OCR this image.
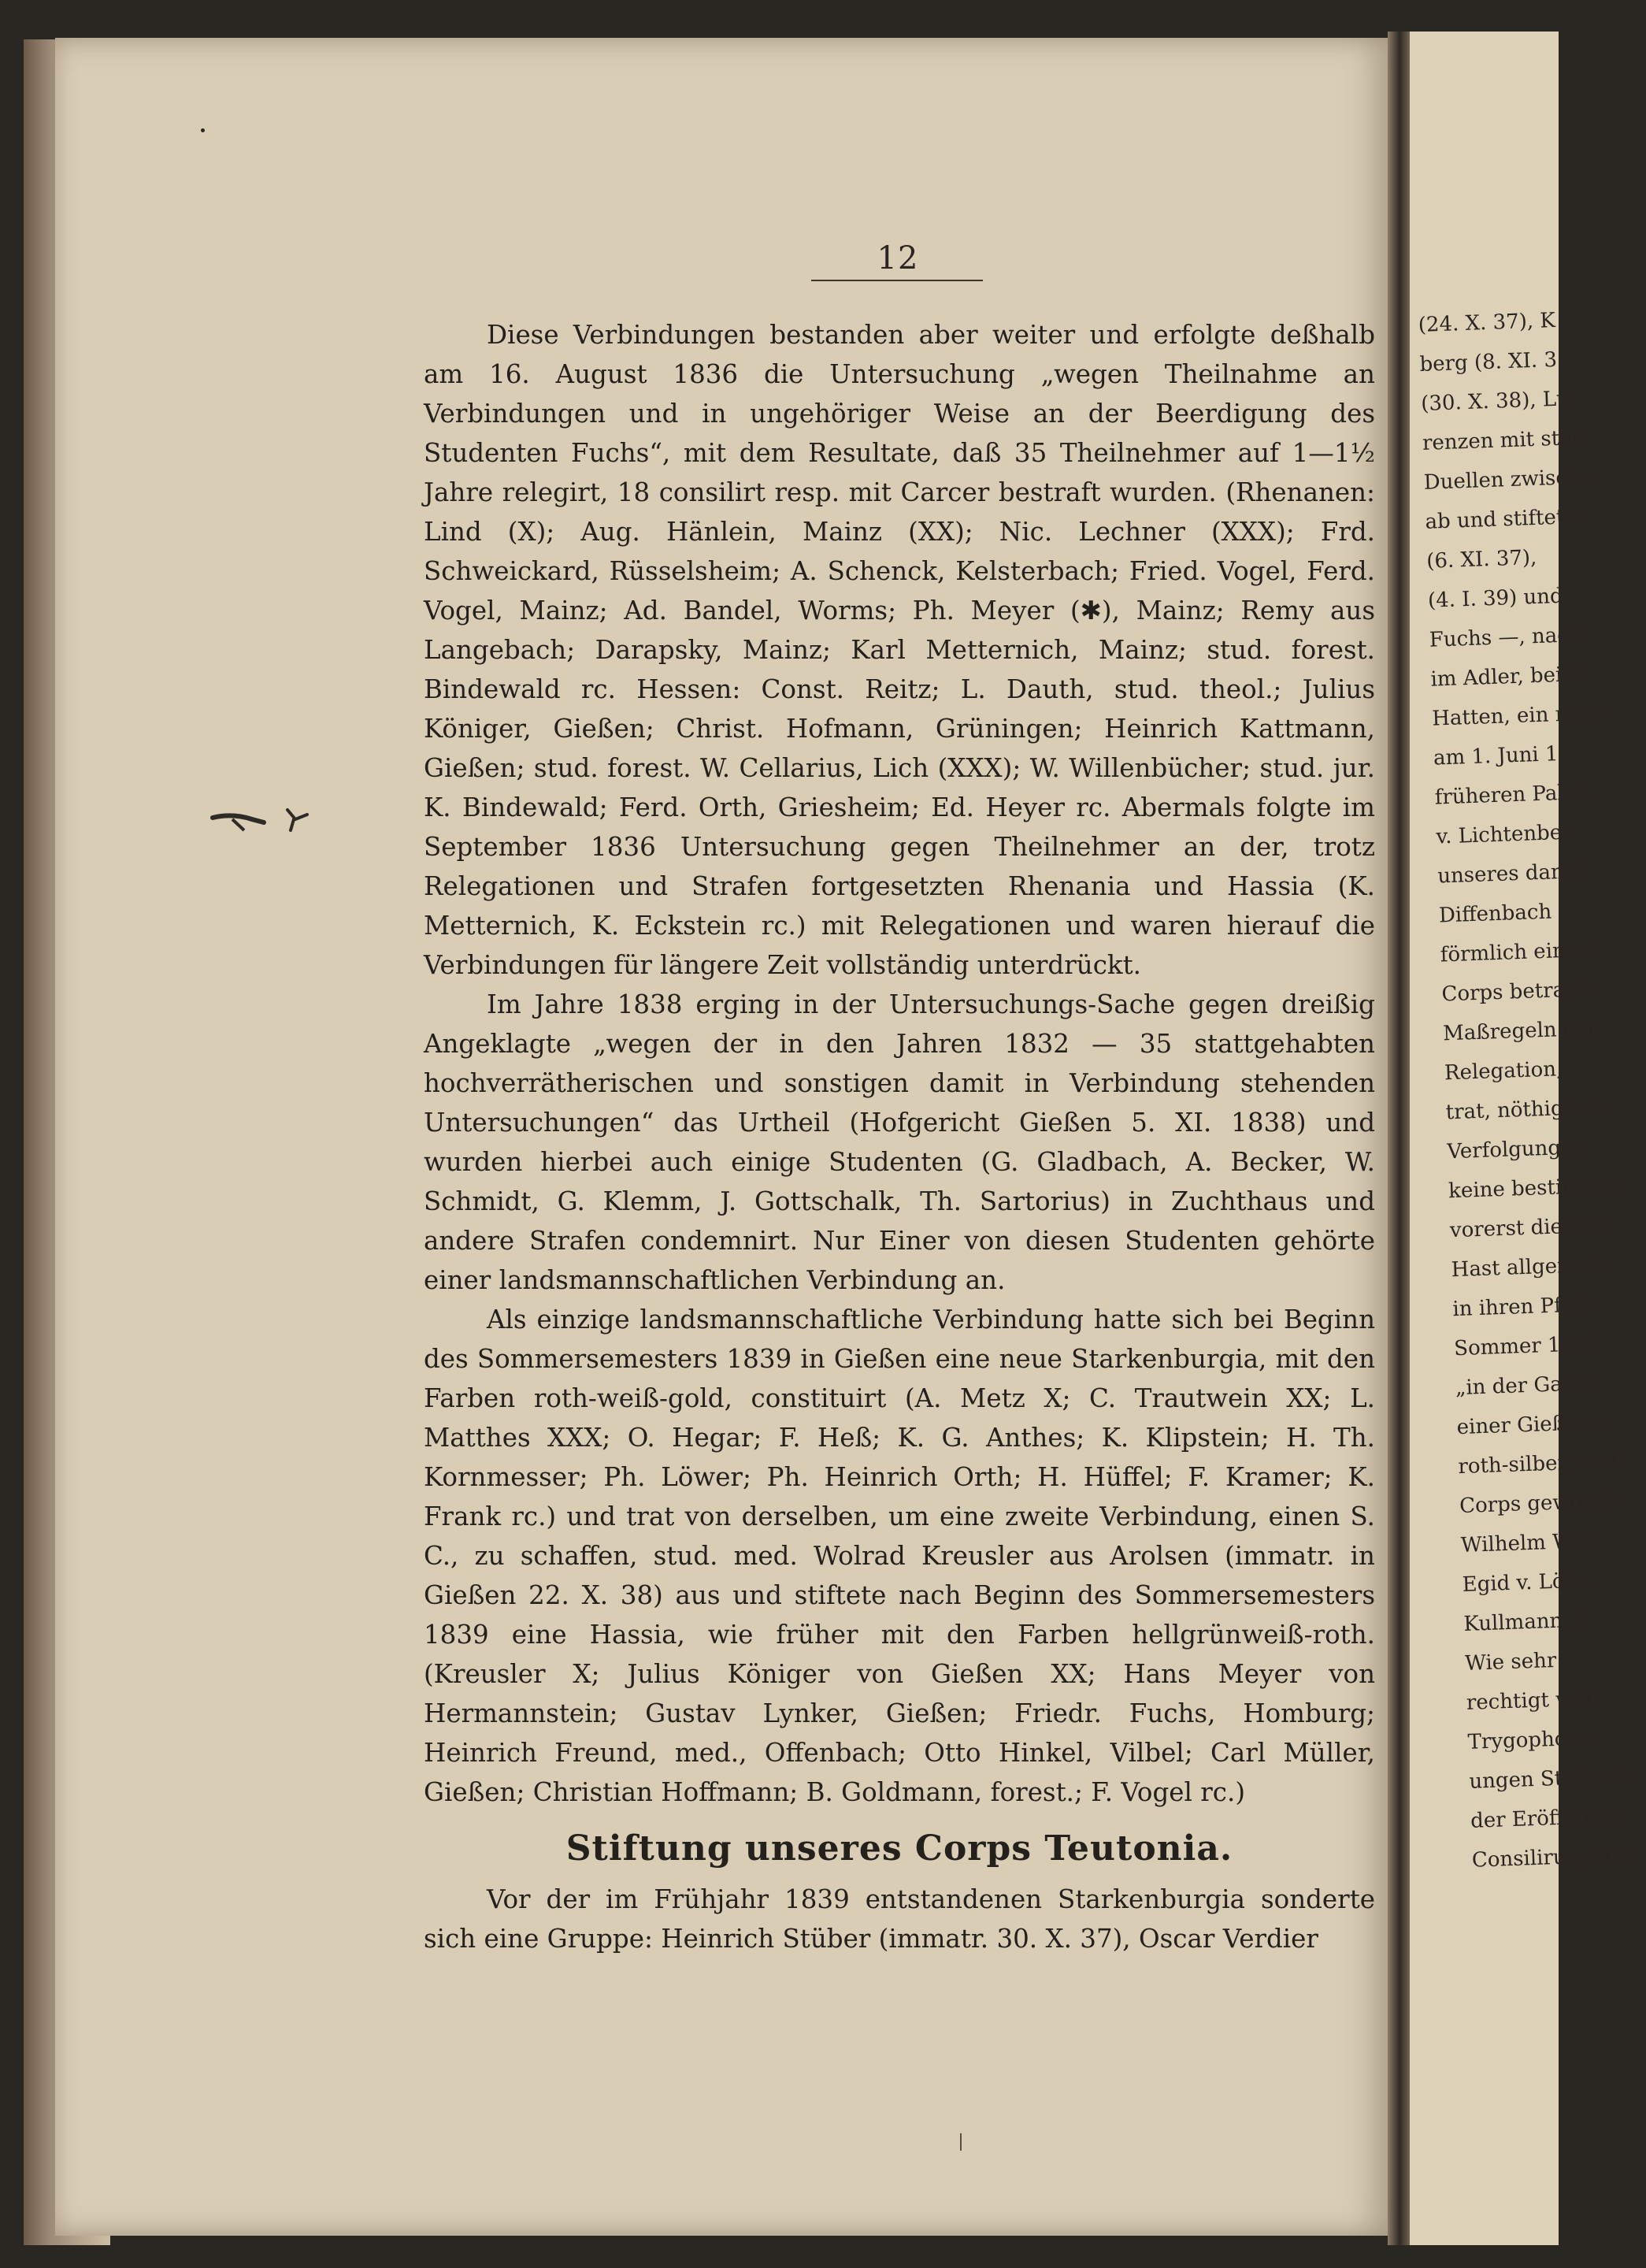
12

Diese Verbindungen bestanden aber weiter und erfolgte deßhalb am 16. August 1836 die Untersuchung „wegen Theilnahme an Verbindungen und in ungehöriger Weise an der Beerdigung des Studenten Fuchs“, mit dem Resultate, daß 35 Theilnehmer auf 1—1½ Jahre relegirt, 18 consilirt resp. mit Carcer bestraft wurden. (Rhenanen: Lind (X); Aug. Hänlein, Mainz (XX); Nic. Lechner (XXX); Frd. Schweickard, Rüsselsheim; A. Schenck, Kelsterbach; Fried. Vogel, Ferd. Vogel, Mainz; Ad. Bandel, Worms; Ph. Meyer (✱), Mainz; Remy aus Langebach; Darapsky, Mainz; Karl Metternich, Mainz; stud. forest. Bindewald rc. Hessen: Const. Reitz; L. Dauth, stud. theol.; Julius Königer, Gießen; Christ. Hofmann, Grüningen; Heinrich Kattmann, Gießen; stud. forest. W. Cellarius, Lich (XXX); W. Willenbücher; stud. jur. K. Bindewald; Ferd. Orth, Griesheim; Ed. Heyer rc. Abermals folgte im September 1836 Untersuchung gegen Theilnehmer an der, trotz Relegationen und Strafen fortgesetzten Rhenania und Hassia (K. Metternich, K. Eckstein rc.) mit Relegationen und waren hierauf die Verbindungen für längere Zeit vollständig unterdrückt.

Im Jahre 1838 erging in der Untersuchungs-Sache gegen dreißig Angeklagte „wegen der in den Jahren 1832 — 35 stattgehabten hochverrätherischen und sonstigen damit in Verbindung stehenden Untersuchungen“ das Urtheil (Hofgericht Gießen 5. XI. 1838) und wurden hierbei auch einige Studenten (G. Gladbach, A. Becker, W. Schmidt, G. Klemm, J. Gottschalk, Th. Sartorius) in Zuchthaus und andere Strafen condemnirt. Nur Einer von diesen Studenten gehörte einer landsmannschaftlichen Verbindung an.

Als einzige landsmannschaftliche Verbindung hatte sich bei Beginn des Sommersemesters 1839 in Gießen eine neue Starkenburgia, mit den Farben roth-weiß-gold, constituirt (A. Metz X; C. Trautwein XX; L. Matthes XXX; O. Hegar; F. Heß; K. G. Anthes; K. Klipstein; H. Th. Kornmesser; Ph. Löwer; Ph. Heinrich Orth; H. Hüffel; F. Kramer; K. Frank rc.) und trat von derselben, um eine zweite Verbindung, einen S. C., zu schaffen, stud. med. Wolrad Kreusler aus Arolsen (immatr. in Gießen 22. X. 38) aus und stiftete nach Beginn des Sommersemesters 1839 eine Hassia, wie früher mit den Farben hellgrünweiß-roth. (Kreusler X; Julius Königer von Gießen XX; Hans Meyer von Hermannstein; Gustav Lynker, Gießen; Friedr. Fuchs, Homburg; Heinrich Freund, med., Offenbach; Otto Hinkel, Vilbel; Carl Müller, Gießen; Christian Hoffmann; B. Goldmann, forest.; F. Vogel rc.)

Stiftung unseres Corps Teutonia.

Vor der im Frühjahr 1839 entstandenen Starkenburgia sonderte sich eine Gruppe: Heinrich Stüber (immatr. 30. X. 37), Oscar Verdier

(24. X. 37), K
berg (8. XI. 3
(30. X. 38), Lu
renzen mit stud
Duellen zwische
ab und stifteten
(6. XI. 37),
(4. I. 39) und
Fuchs —, nacht
im Adler, bei T
Hatten, ein neue
am 1. Juni 1
früheren Palati
v. Lichtenber
unseres damal
Diffenbach
förmlich einzut
Corps betracht
Maßregeln geg
Relegation,
trat, nöthigte d
Verfolgungen,
keine bestimmte
vorerst die Bün
Hast allgemein
in ihren Pfeife
Sommer 1839
„in der Gabel
einer Gießener
roth-silber, und
Corps geworde
Wilhelm Web
Egid v. Löhr,
Kullmann, F.
Wie sehr
rechtigt war,
Trygophorus
ungen Starkenl
der Eröffnung
Consilirungen u
